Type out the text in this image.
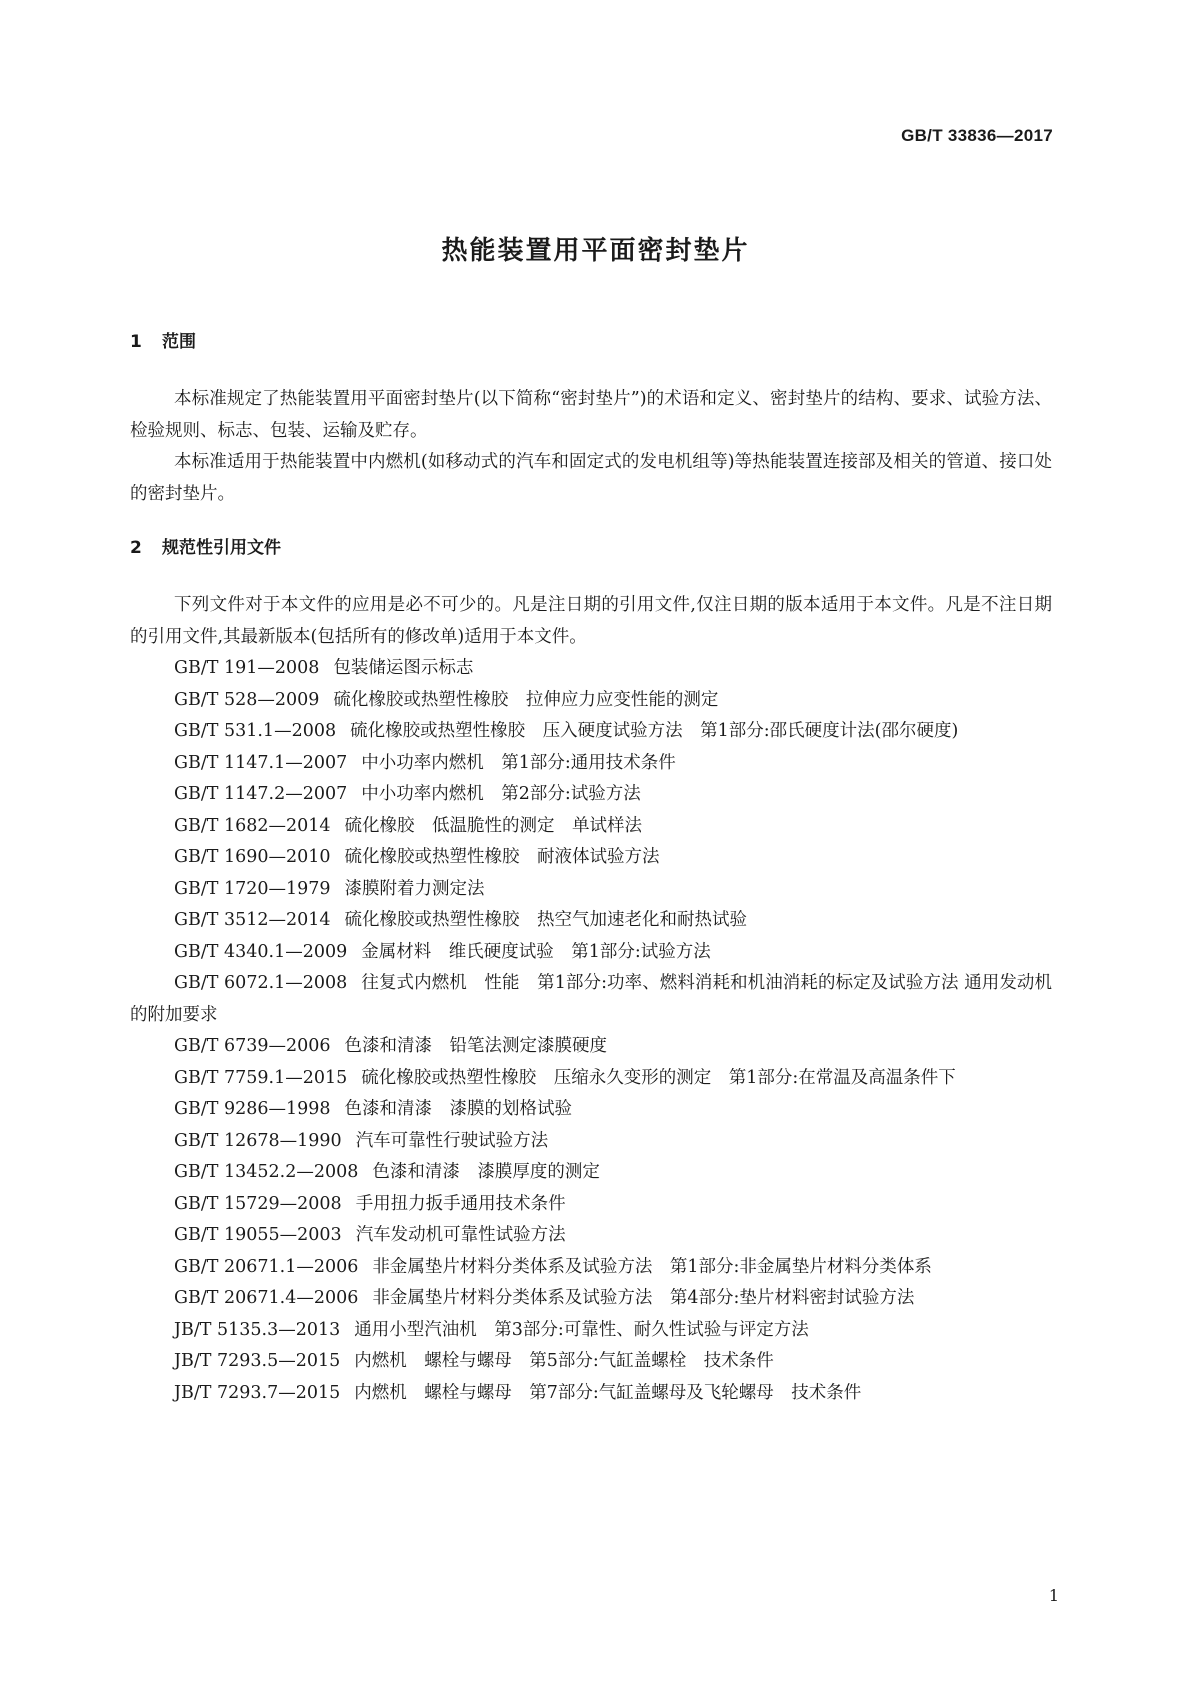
GB/T 33836—2017
热能装置用平面密封垫片
1 范围

本标准规定了热能装置用平面密封垫片(以下简称“密封垫片”)的术语和定义、密封垫片的结构、要求、试验方法、检验规则、标志、包装、运输及贮存。

本标准适用于热能装置中内燃机(如移动式的汽车和固定式的发电机组等)等热能装置连接部及相关的管道、接口处的密封垫片。

2 规范性引用文件

下列文件对于本文件的应用是必不可少的。凡是注日期的引用文件,仅注日期的版本适用于本文件。凡是不注日期的引用文件,其最新版本(包括所有的修改单)适用于本文件。

GB/T 191—2008 包装储运图示标志
GB/T 528—2009 硫化橡胶或热塑性橡胶　拉伸应力应变性能的测定
GB/T 531.1—2008 硫化橡胶或热塑性橡胶　压入硬度试验方法　第1部分:邵氏硬度计法(邵尔硬度)
GB/T 1147.1—2007 中小功率内燃机　第1部分:通用技术条件
GB/T 1147.2—2007 中小功率内燃机　第2部分:试验方法
GB/T 1682—2014 硫化橡胶　低温脆性的测定　单试样法
GB/T 1690—2010 硫化橡胶或热塑性橡胶　耐液体试验方法
GB/T 1720—1979 漆膜附着力测定法
GB/T 3512—2014 硫化橡胶或热塑性橡胶　热空气加速老化和耐热试验
GB/T 4340.1—2009 金属材料　维氏硬度试验　第1部分:试验方法
GB/T 6072.1—2008 往复式内燃机　性能　第1部分:功率、燃料消耗和机油消耗的标定及试验方法 通用发动机的附加要求
GB/T 6739—2006 色漆和清漆　铅笔法测定漆膜硬度
GB/T 7759.1—2015 硫化橡胶或热塑性橡胶　压缩永久变形的测定　第1部分:在常温及高温条件下
GB/T 9286—1998 色漆和清漆　漆膜的划格试验
GB/T 12678—1990 汽车可靠性行驶试验方法
GB/T 13452.2—2008 色漆和清漆　漆膜厚度的测定
GB/T 15729—2008 手用扭力扳手通用技术条件
GB/T 19055—2003 汽车发动机可靠性试验方法
GB/T 20671.1—2006 非金属垫片材料分类体系及试验方法　第1部分:非金属垫片材料分类体系
GB/T 20671.4—2006 非金属垫片材料分类体系及试验方法　第4部分:垫片材料密封试验方法
JB/T 5135.3—2013 通用小型汽油机　第3部分:可靠性、耐久性试验与评定方法
JB/T 7293.5—2015 内燃机　螺栓与螺母　第5部分:气缸盖螺栓　技术条件
JB/T 7293.7—2015 内燃机　螺栓与螺母　第7部分:气缸盖螺母及飞轮螺母　技术条件
1
